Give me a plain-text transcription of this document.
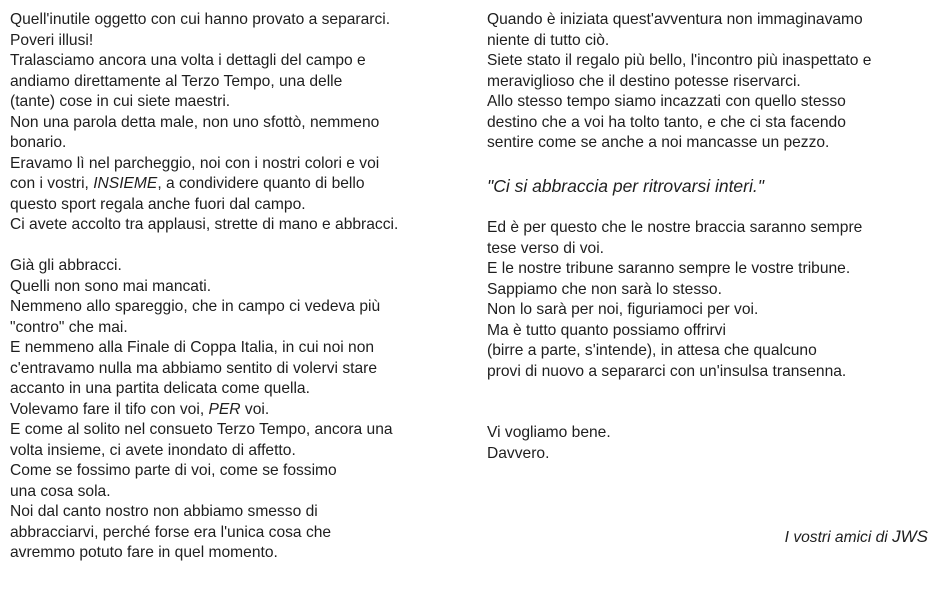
Quell'inutile oggetto con cui hanno provato a separarci.
Poveri illusi!
Tralasciamo ancora una volta i dettagli del campo e
andiamo direttamente al Terzo Tempo, una delle
(tante) cose in cui siete maestri.
Non una parola detta male, non uno sfottò, nemmeno
bonario.
Eravamo lì nel parcheggio, noi con i nostri colori e voi
con i vostri, INSIEME, a condividere quanto di bello
questo sport regala anche fuori dal campo.
Ci avete accolto tra applausi, strette di mano e abbracci.
Già gli abbracci.
Quelli non sono mai mancati.
Nemmeno allo spareggio, che in campo ci vedeva più
"contro" che mai.
E nemmeno alla Finale di Coppa Italia, in cui noi non
c'entravamo nulla ma abbiamo sentito di volervi stare
accanto in una partita delicata come quella.
Volevamo fare il tifo con voi, PER voi.
E come al solito nel consueto Terzo Tempo, ancora una
volta insieme, ci avete inondato di affetto.
Come se fossimo parte di voi, come se fossimo
una cosa sola.
Noi dal canto nostro non abbiamo smesso di
abbracciarvi, perché forse era l'unica cosa che
avremmo potuto fare in quel momento.
Quando è iniziata quest'avventura non immaginavamo
niente di tutto ciò.
Siete stato il regalo più bello, l'incontro più inaspettato e
meraviglioso che il destino potesse riservarci.
Allo stesso tempo siamo incazzati con quello stesso
destino che a voi ha tolto tanto, e che ci sta facendo
sentire come se anche a noi mancasse un pezzo.
"Ci si abbraccia per ritrovarsi interi."
Ed è per questo che le nostre braccia saranno sempre
tese verso di voi.
E le nostre tribune saranno sempre le vostre tribune.
Sappiamo che non sarà lo stesso.
Non lo sarà per noi, figuriamoci per voi.
Ma è tutto quanto possiamo offrirvi
(birre a parte, s'intende), in attesa che qualcuno
provi di nuovo a separarci con un'insulsa transenna.
Vi vogliamo bene.
Davvero.
I vostri amici di JWS
